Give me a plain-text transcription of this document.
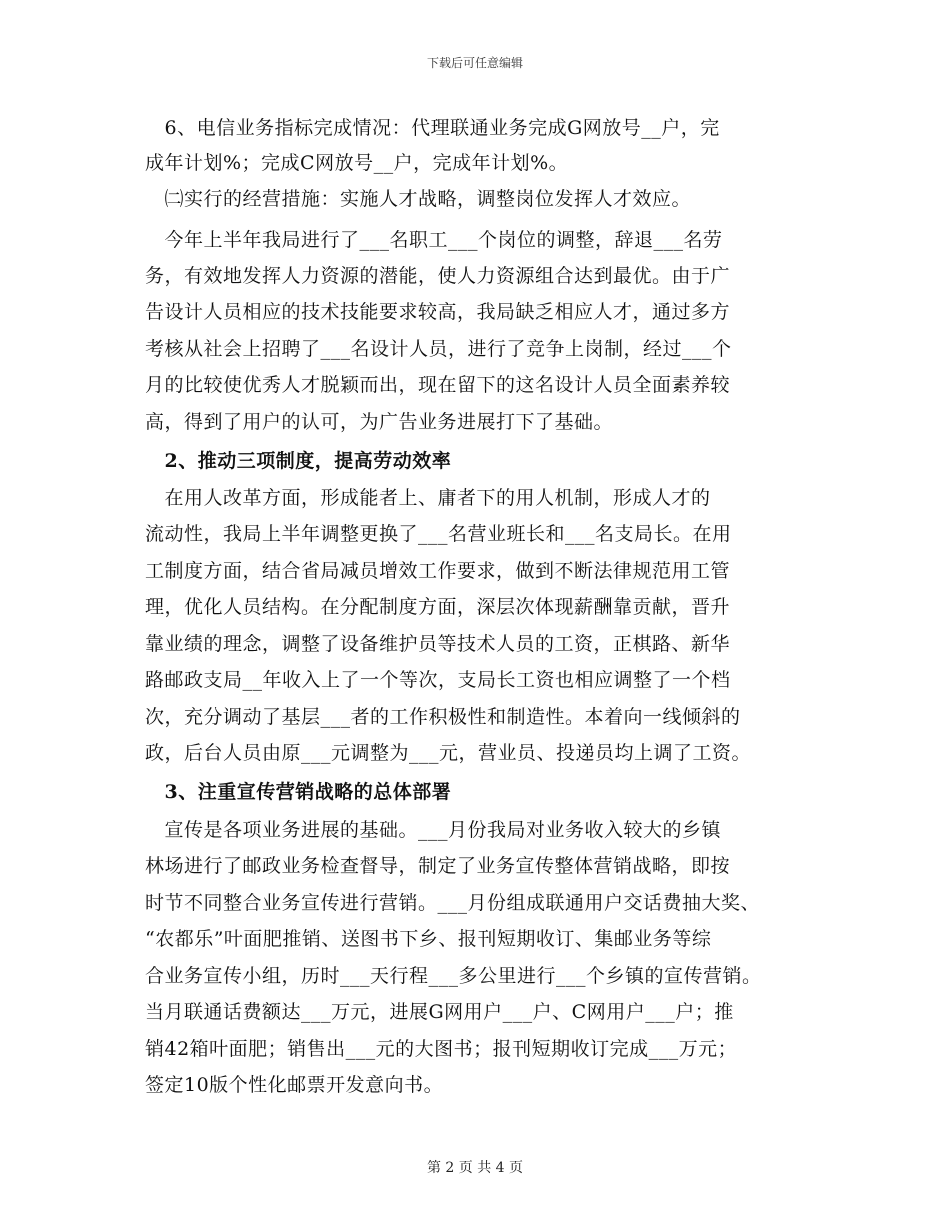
下载后可任意编辑
　6、电信业务指标完成情况：代理联通业务完成G网放号__户，完
成年计划%；完成C网放号__户，完成年计划%。
　㈡实行的经营措施：实施人才战略，调整岗位发挥人才效应。
　今年上半年我局进行了___名职工___个岗位的调整，辞退___名劳
务，有效地发挥人力资源的潜能，使人力资源组合达到最优。由于广
告设计人员相应的技术技能要求较高，我局缺乏相应人才，通过多方
考核从社会上招聘了___名设计人员，进行了竞争上岗制，经过___个
月的比较使优秀人才脱颖而出，现在留下的这名设计人员全面素养较
高，得到了用户的认可，为广告业务进展打下了基础。
　2、推动三项制度，提高劳动效率
　在用人改革方面，形成能者上、庸者下的用人机制，形成人才的
流动性，我局上半年调整更换了___名营业班长和___名支局长。在用
工制度方面，结合省局减员增效工作要求，做到不断法律规范用工管
理，优化人员结构。在分配制度方面，深层次体现薪酬靠贡献，晋升
靠业绩的理念，调整了设备维护员等技术人员的工资，正棋路、新华
路邮政支局__年收入上了一个等次，支局长工资也相应调整了一个档
次，充分调动了基层___者的工作积极性和制造性。本着向一线倾斜的
政，后台人员由原___元调整为___元，营业员、投递员均上调了工资。
　3、注重宣传营销战略的总体部署
　宣传是各项业务进展的基础。___月份我局对业务收入较大的乡镇
林场进行了邮政业务检查督导，制定了业务宣传整体营销战略，即按
时节不同整合业务宣传进行营销。___月份组成联通用户交话费抽大奖、
“农都乐”叶面肥推销、送图书下乡、报刊短期收订、集邮业务等综
合业务宣传小组，历时___天行程___多公里进行___个乡镇的宣传营销。
当月联通话费额达___万元，进展G网用户___户、C网用户___户；推
销42箱叶面肥；销售出___元的大图书；报刊短期收订完成___万元；
签定10版个性化邮票开发意向书。
第 2 页 共 4 页
